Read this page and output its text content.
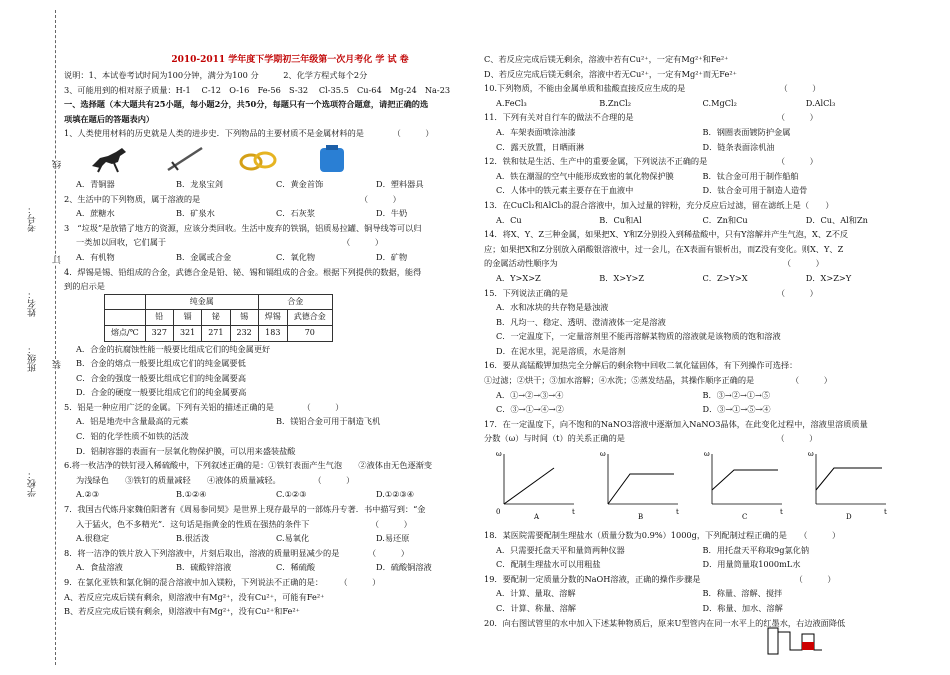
考号：
姓名：
班级：
学校：
线
订
装
2010-2011 学年度下学期初三年级第一次月考化 学 试 卷
说明：1、本试卷考试时间为100分钟，满分为100 分　　　2、化学方程式每个2分
3、可能用到的相对原子质量：H-1　 C-12　O-16　Fe-56　S-32　 Cl-35.5　Cu-64　Mg-24　Na-23
一、选择题（本大题共有25小题，每小题2分，共50分，每题只有一个选项符合题意，请把正确的选
项填在题后的答题表内）
1、人类使用材料的历史就是人类的进步史．下列物品的主要材质不是金属材料的是　　　　（　　　）
A．青铜器	B．龙泉宝剑	C．黄金首饰	D．塑料器具
2、生活中的下列物质，属于溶液的是　　　　　　　　　　　　　　　　　　　　（　　　）
A．蔗糖水	B．矿泉水	C．石灰浆	D．牛奶
3　“垃圾”是放错了地方的资源，应该分类回收。生活中废弃的铁锅，铝质易拉罐、铜导线等可以归
一类加以回收，它们属于　　　　　　　　　　　　　　　　　　　　　　（　　　）
A．有机物	B．金属或合金	C．氧化物	D．矿物
4．焊锡是锡、铅组成的合金，武德合金是铅、铋、锡和镉组成的合金。根据下列提供的数据，能得
到的启示是
	纯金属				合金	
	铅	镉	铋	锡	焊锡	武德合金
熔点/℃	327	321	271	232	183	70
A．合金的抗腐蚀性能一般要比组成它们的纯金属更好
B．合金的熔点一般要比组成它们的纯金属要低
C．合金的强度一般要比组成它们的纯金属要高
D．合金的硬度一般要比组成它们的纯金属要高
5．铝是一种应用广泛的金属。下列有关铝的描述正确的是　　　　（　　　）
A．铝是地壳中含量最高的元素	B．镁铝合金可用于制造飞机
C．铝的化学性质不如铁的活泼
D．铝制容器的表面有一层氧化物保护膜，可以用来盛装盐酸
6.将一枚洁净的铁钉浸入稀硫酸中，下列叙述正确的是：①铁钉表面产生气泡　　②液体由无色逐渐变
为浅绿色　　③铁钉的质量减轻　　④液体的质量减轻。　　　　　（　　　）
A.②③	B.①②④	C.①②③	D.①②③④
7．我国古代炼丹家魏伯阳著有《周易参同契》是世界上现存最早的一部炼丹专著．书中描写到：“金
入于猛火，色不多精光”．这句话是指黄金的性质在强热的条件下　　　　　　　　（　　　）
A.很稳定	B.很活泼	C.易氧化	D.易还原
8．将一洁净的铁片放入下列溶液中，片刻后取出，溶液的质量明显减少的是　　　　（　　　）
A．食盐溶液	B．硫酸锌溶液	C．稀硫酸	D．硫酸铜溶液
9．在氯化亚铁和氯化铜的混合溶液中加入镁粉，下列说法不正确的是：　　　（　　　）
A、若反应完成后镁有剩余，则溶液中有Mg²⁺，没有Cu²⁺，可能有Fe²⁺
B、若反应完成后镁有剩余，则溶液中有Mg²⁺，没有Cu²⁺和Fe²⁺
C、若反应完成后镁无剩余，溶液中若有Cu²⁺，一定有Mg²⁺和Fe²⁺
D、若反应完成后镁无剩余，溶液中若无Cu²⁺，一定有Mg²⁺而无Fe²⁺
10.下列物质，不能由金属单质和盐酸直接反应生成的是　　　　　　　　　　　　（　　　）
A.FeCl₃	B.ZnCl₂	C.MgCl₂	D.AlCl₃
11．下列有关对自行车的做法不合理的是　　　　　　　　　　　　　　　　　　（　　　）
A．车架表面喷涂油漆	B．钢圈表面镀防护金属
C．露天放置，日晒雨淋	D．链条表面涂机油
12．铁和钛是生活、生产中的重要金属，下列说法不正确的是　　　　　　　　　（　　　）
A．铁在潮湿的空气中能形成致密的氧化物保护膜	B．钛合金可用于制作船舶
C．人体中的铁元素主要存在于血液中	D．钛合金可用于制造人造骨
13．在CuCl₂和AlCl₃的混合溶液中，加入过量的锌粉，充分反应后过滤，留在滤纸上是（　　）
A．Cu	B．Cu和Al	C．Zn和Cu	D．Cu、Al和Zn
14．将X、Y、Z三种金属，如果把X、Y和Z分别投入到稀盐酸中，只有Y溶解并产生气泡，X、Z不反
应；如果把X和Z分别放入硝酸银溶液中，过一会儿，在X表面有银析出，而Z没有变化。则X、Y、Z
的金属活动性顺序为　　　　　　　　　　　　　　　　　　　　　　　　　　　　（　　　）
A．Y>X>Z	B．X>Y>Z	C．Z>Y>X	D．X>Z>Y
15．下列说法正确的是　　　　　　　　　　　　　　　　　　　　　　　　　　（　　　）
A．水和冰块的共存物是悬浊液
B．凡均一、稳定、透明、澄清液体一定是溶液
C．一定温度下，一定量溶剂里不能再溶解某物质的溶液就是该物质的饱和溶液
D．在泥水里，泥是溶质，水是溶剂
16．要从高锰酸钾加热完全分解后的剩余物中回收二氧化锰固体，有下列操作可选择：
①过滤；②烘干；③加水溶解；④水洗；⑤蒸发结晶，其操作顺序正确的是　　　　　（　　　）
A．①→②→③→④	B．③→②→①→⑤
C．③→①→④→②	D．③→①→⑤→④
17．在一定温度下，向不饱和的NaNO3溶液中逐渐加入NaNO3晶体，在此变化过程中，溶液里溶质质量
分数（ω）与时间（t）的关系正确的是　　　　　　　　　　　　　　　　　　　（　　　）
ω
0	t
A
ω
t
B
ω
t
C
ω
t
D
18．某医院需要配制生理盐水（质量分数为0.9%）1000g，下列配制过程正确的是　　（　　　）
A．只需要托盘天平和量筒两种仪器	B．用托盘天平称取9g氯化钠
C．配制生理盐水可以用粗盐	D．用量筒量取1000mL水
19．要配制一定质量分数的NaOH溶液，正确的操作步骤是　　　　　　　　　　　　（　　　）
A．计算、量取、溶解	B．称量、溶解、搅拌
C．计算、称量、溶解	D．称量、加水、溶解
20．向右图试管里的水中加入下述某种物质后，原来U型管内在同一水平上的红墨水，右边液面降低
